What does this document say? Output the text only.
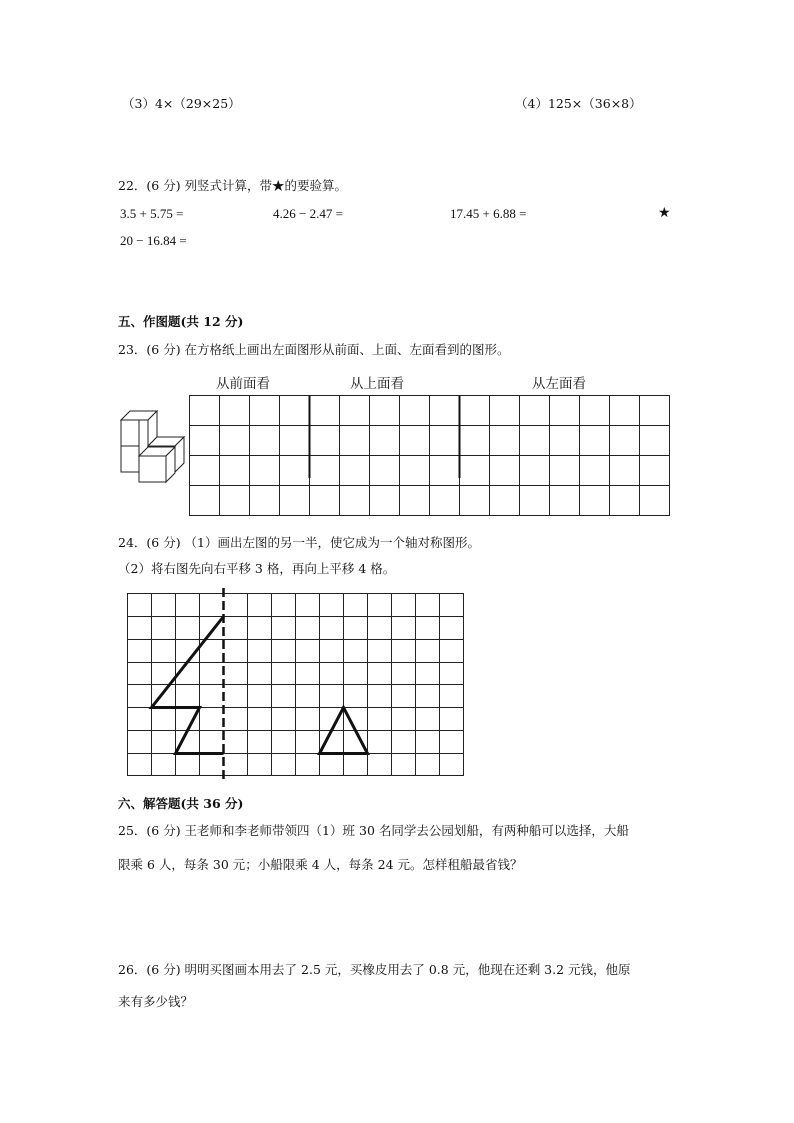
（3）4×（29×25）	（4）125×（36×8）
22．(6 分) 列竖式计算，带★的要验算。
3.5 + 5.75 =	4.26 − 2.47 =	17.45 + 6.88 =	★
20 − 16.84 =
五、作图题(共 12 分)
23．(6 分) 在方格纸上画出左面图形从前面、上面、左面看到的图形。
从前面看	从上面看	从左面看
24．(6 分) （1）画出左图的另一半，使它成为一个轴对称图形。
（2）将右图先向右平移 3 格，再向上平移 4 格。
六、解答题(共 36 分)
25．(6 分) 王老师和李老师带领四（1）班 30 名同学去公园划船，有两种船可以选择，大船
限乘 6 人，每条 30 元；小船限乘 4 人，每条 24 元。怎样租船最省钱？
26．(6 分) 明明买图画本用去了 2.5 元，买橡皮用去了 0.8 元，他现在还剩 3.2 元钱，他原
来有多少钱？
